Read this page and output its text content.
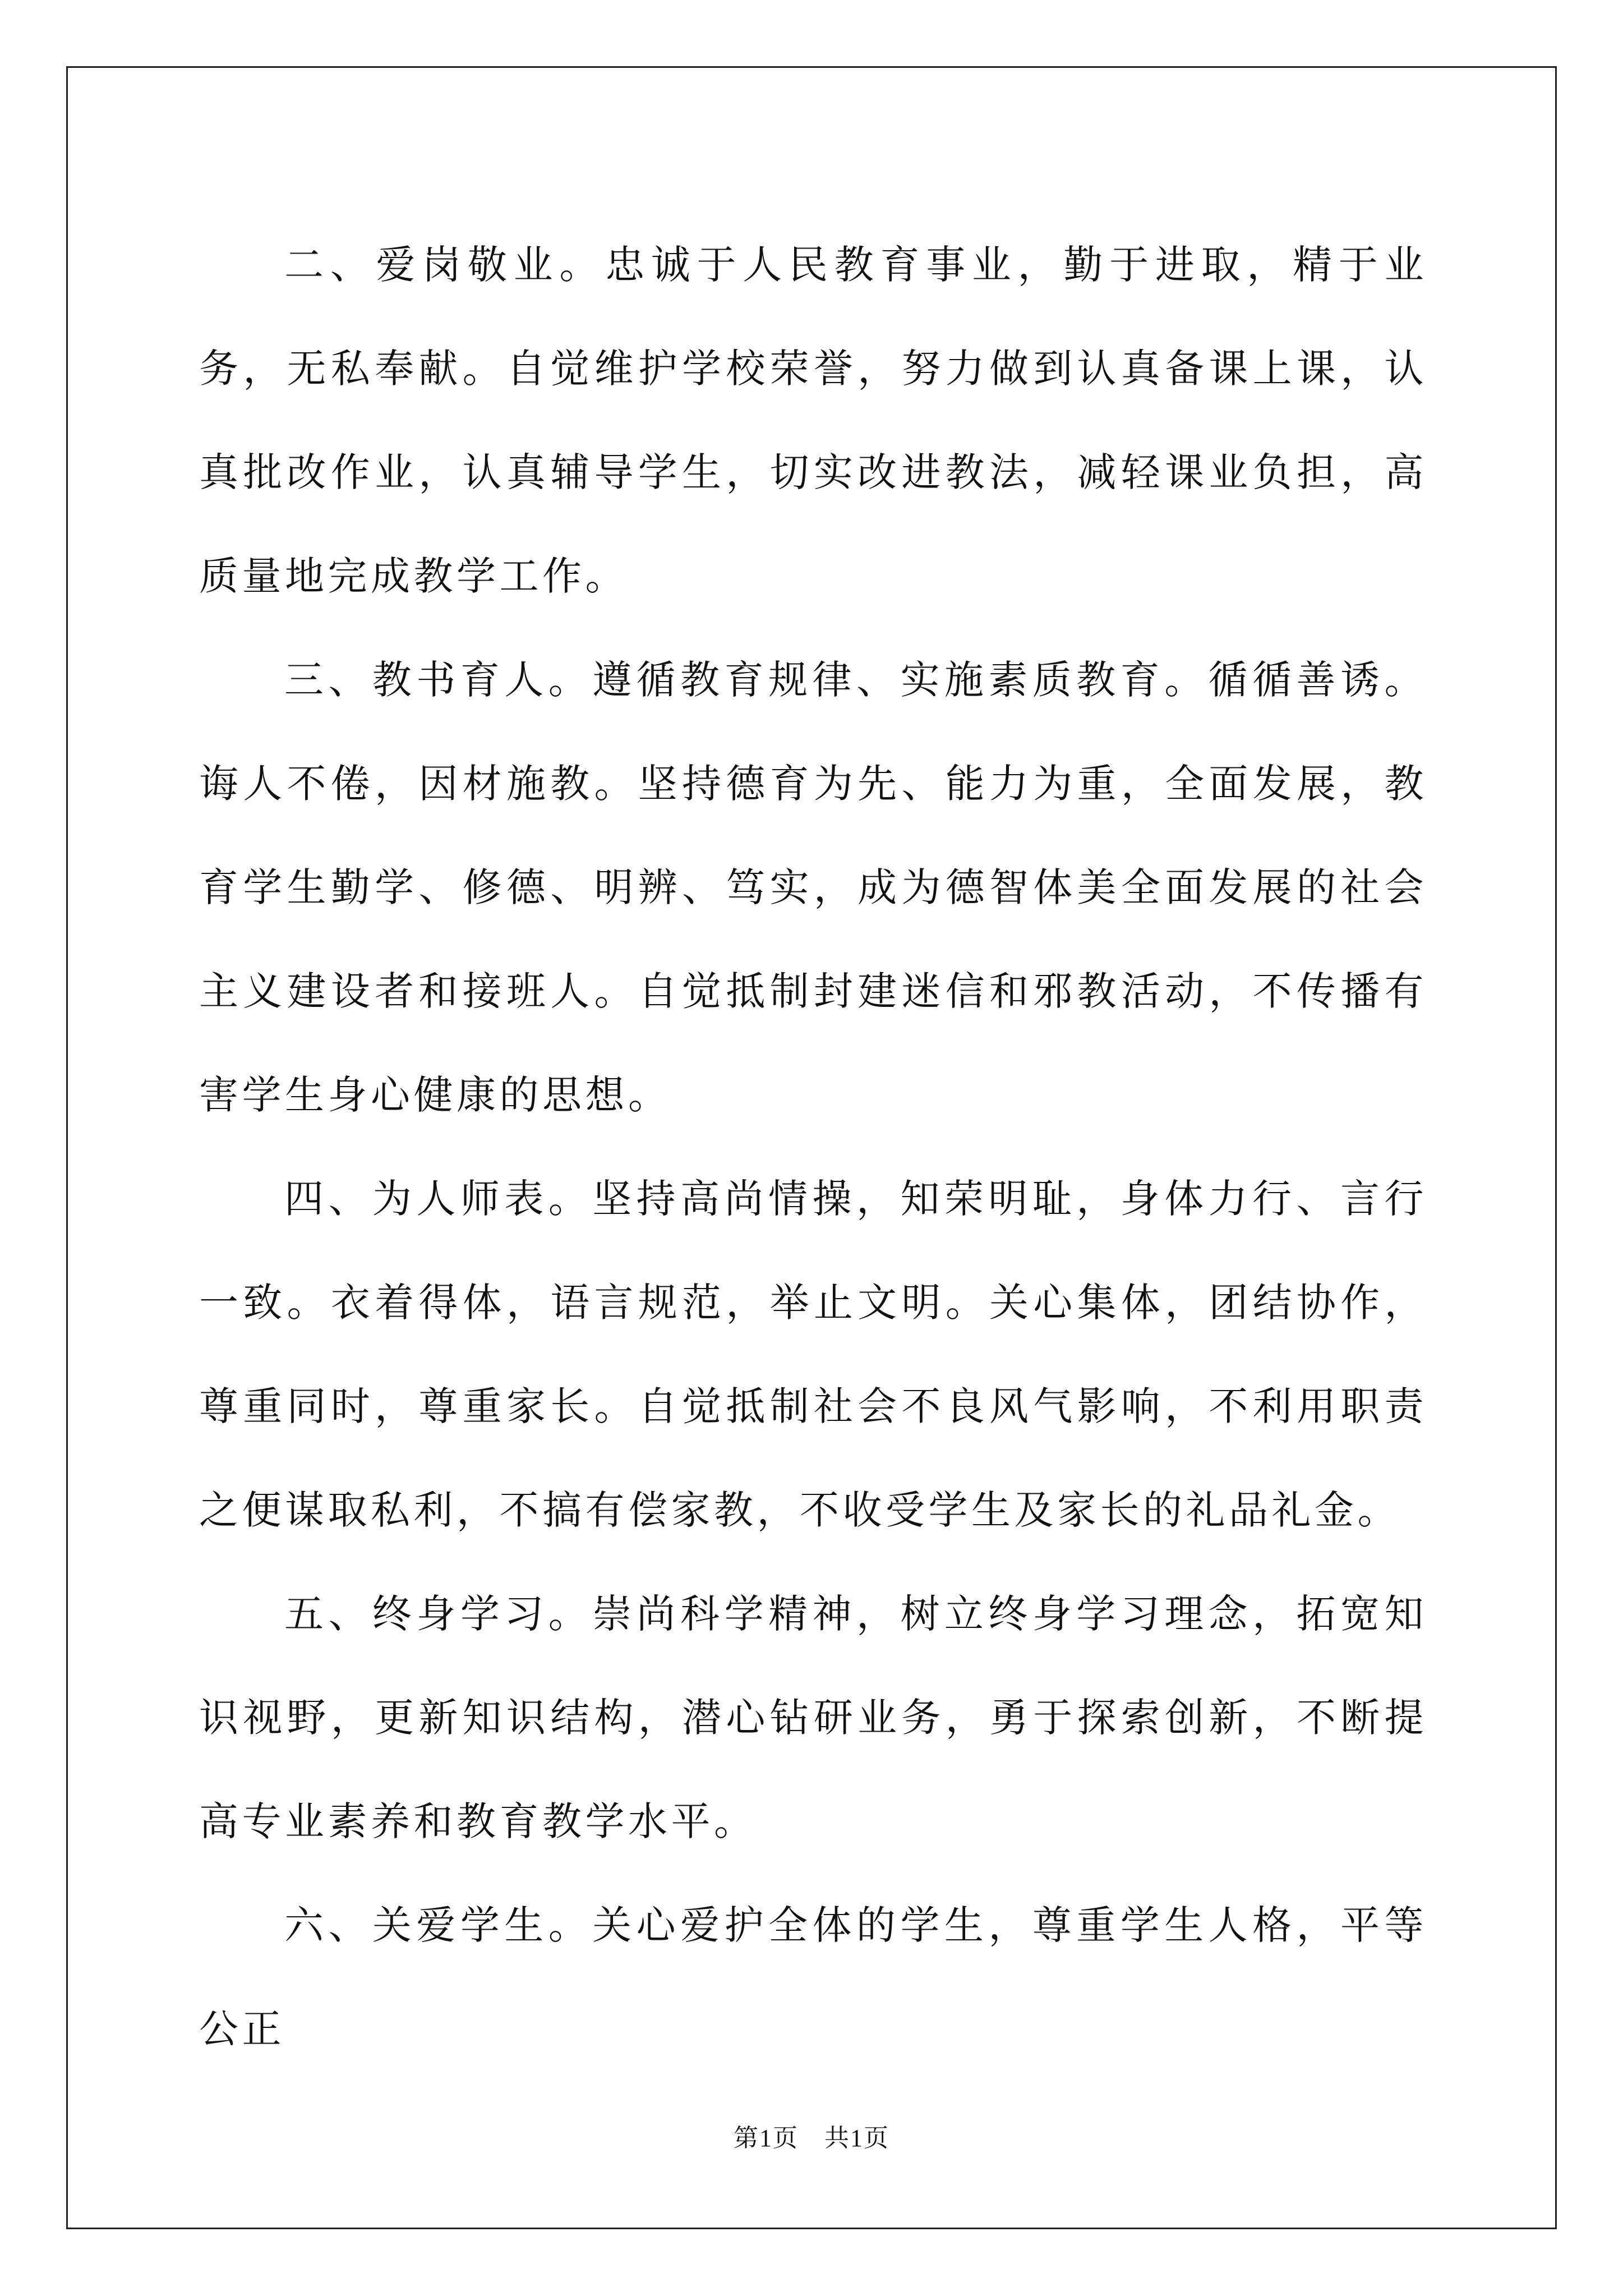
二、爱岗敬业。忠诚于人民教育事业，勤于进取，精于业务，无私奉献。自觉维护学校荣誉，努力做到认真备课上课，认真批改作业，认真辅导学生，切实改进教法，减轻课业负担，高质量地完成教学工作。

三、教书育人。遵循教育规律、实施素质教育。循循善诱。诲人不倦，因材施教。坚持德育为先、能力为重，全面发展，教育学生勤学、修德、明辨、笃实，成为德智体美全面发展的社会主义建设者和接班人。自觉抵制封建迷信和邪教活动，不传播有害学生身心健康的思想。

四、为人师表。坚持高尚情操，知荣明耻，身体力行、言行一致。衣着得体，语言规范，举止文明。关心集体，团结协作，尊重同时，尊重家长。自觉抵制社会不良风气影响，不利用职责之便谋取私利，不搞有偿家教，不收受学生及家长的礼品礼金。

五、终身学习。崇尚科学精神，树立终身学习理念，拓宽知识视野，更新知识结构，潜心钻研业务，勇于探索创新，不断提高专业素养和教育教学水平。

六、关爱学生。关心爱护全体的学生，尊重学生人格，平等公正

第1页　共1页
